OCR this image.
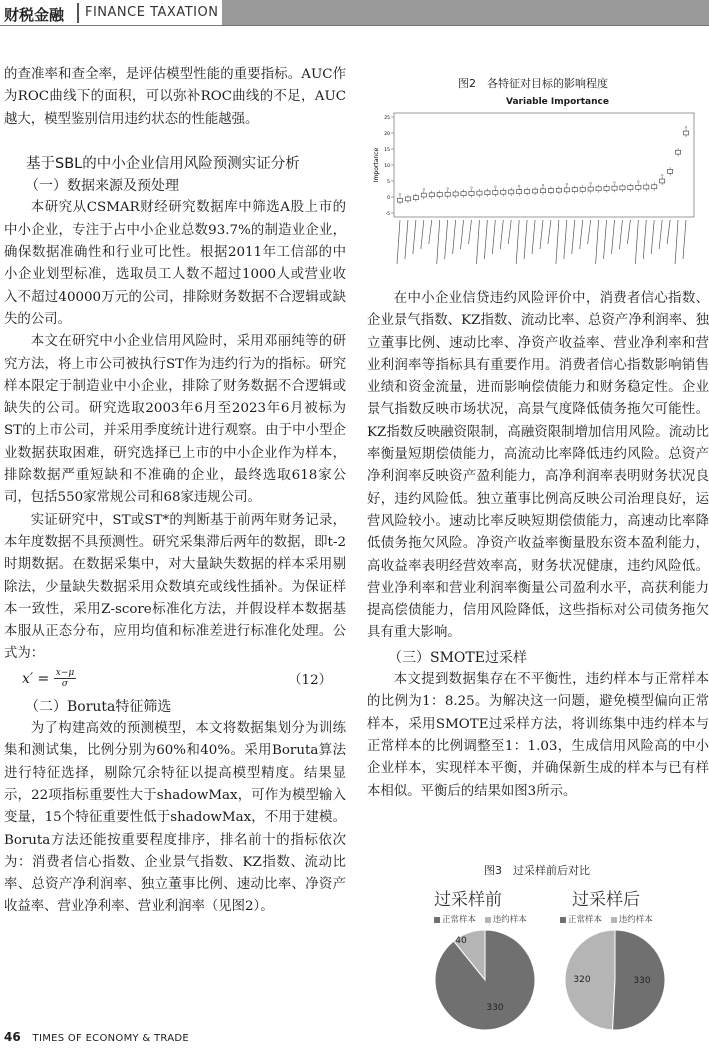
财税金融 FINANCE TAXATION

的查准率和查全率，是评估模型性能的重要指标。AUC作为ROC曲线下的面积，可以弥补ROC曲线的不足，AUC越大，模型鉴别信用违约状态的性能越强。

基于SBL的中小企业信用风险预测实证分析

（一）数据来源及预处理

本研究从CSMAR财经研究数据库中筛选A股上市的中小企业，专注于占中小企业总数93.7%的制造业企业，确保数据准确性和行业可比性。根据2011年工信部的中小企业划型标准，选取员工人数不超过1000人或营业收入不超过40000万元的公司，排除财务数据不合逻辑或缺失的公司。

本文在研究中小企业信用风险时，采用邓丽纯等的研究方法，将上市公司被执行ST作为违约行为的指标。研究样本限定于制造业中小企业，排除了财务数据不合逻辑或缺失的公司。研究选取2003年6月至2023年6月被标为ST的上市公司，并采用季度统计进行观察。由于中小型企业数据获取困难，研究选择已上市的中小企业作为样本，排除数据严重短缺和不准确的企业，最终选取618家公司，包括550家常规公司和68家违规公司。

实证研究中，ST或ST*的判断基于前两年财务记录，本年度数据不具预测性。研究采集滞后两年的数据，即t-2时期数据。在数据采集中，对大量缺失数据的样本采用剔除法，少量缺失数据采用众数填充或线性插补。为保证样本一致性，采用Z-score标准化方法，并假设样本数据基本服从正态分布，应用均值和标准差进行标准化处理。公式为：

$x' = \frac{x-\mu}{\sigma}$	（12）

（二）Boruta特征筛选

为了构建高效的预测模型，本文将数据集划分为训练集和测试集，比例分别为60%和40%。采用Boruta算法进行特征选择，剔除冗余特征以提高模型精度。结果显示，22项指标重要性大于shadowMax，可作为模型输入变量，15个特征重要性低于shadowMax，不用于建模。Boruta方法还能按重要程度排序，排名前十的指标依次为：消费者信心指数、企业景气指数、KZ指数、流动比率、总资产净利润率、独立董事比例、速动比率、净资产收益率、营业净利率、营业利润率（见图2）。

图2　各特征对目标的影响程度
Variable Importance
25
20
15
10
5
0
-5
Importance

在中小企业信贷违约风险评价中，消费者信心指数、企业景气指数、KZ指数、流动比率、总资产净利润率、独立董事比例、速动比率、净资产收益率、营业净利率和营业利润率等指标具有重要作用。消费者信心指数影响销售业绩和资金流量，进而影响偿债能力和财务稳定性。企业景气指数反映市场状况，高景气度降低债务拖欠可能性。KZ指数反映融资限制，高融资限制增加信用风险。流动比率衡量短期偿债能力，高流动比率降低违约风险。总资产净利润率反映资产盈利能力，高净利润率表明财务状况良好，违约风险低。独立董事比例高反映公司治理良好，运营风险较小。速动比率反映短期偿债能力，高速动比率降低债务拖欠风险。净资产收益率衡量股东资本盈利能力，高收益率表明经营效率高，财务状况健康，违约风险低。营业净利率和营业利润率衡量公司盈利水平，高获利能力提高偿债能力，信用风险降低，这些指标对公司债务拖欠具有重大影响。

（三）SMOTE过采样

本文提到数据集存在不平衡性，违约样本与正常样本的比例为1：8.25。为解决这一问题，避免模型偏向正常样本，采用SMOTE过采样方法，将训练集中违约样本与正常样本的比例调整至1：1.03，生成信用风险高的中小企业样本，实现样本平衡，并确保新生成的样本与已有样本相似。平衡后的结果如图3所示。

图3　过采样前后对比
过采样前	过采样后
正常样本 违约样本	正常样本 违约样本
330
40
330
320
46 TIMES OF ECONOMY & TRADE
